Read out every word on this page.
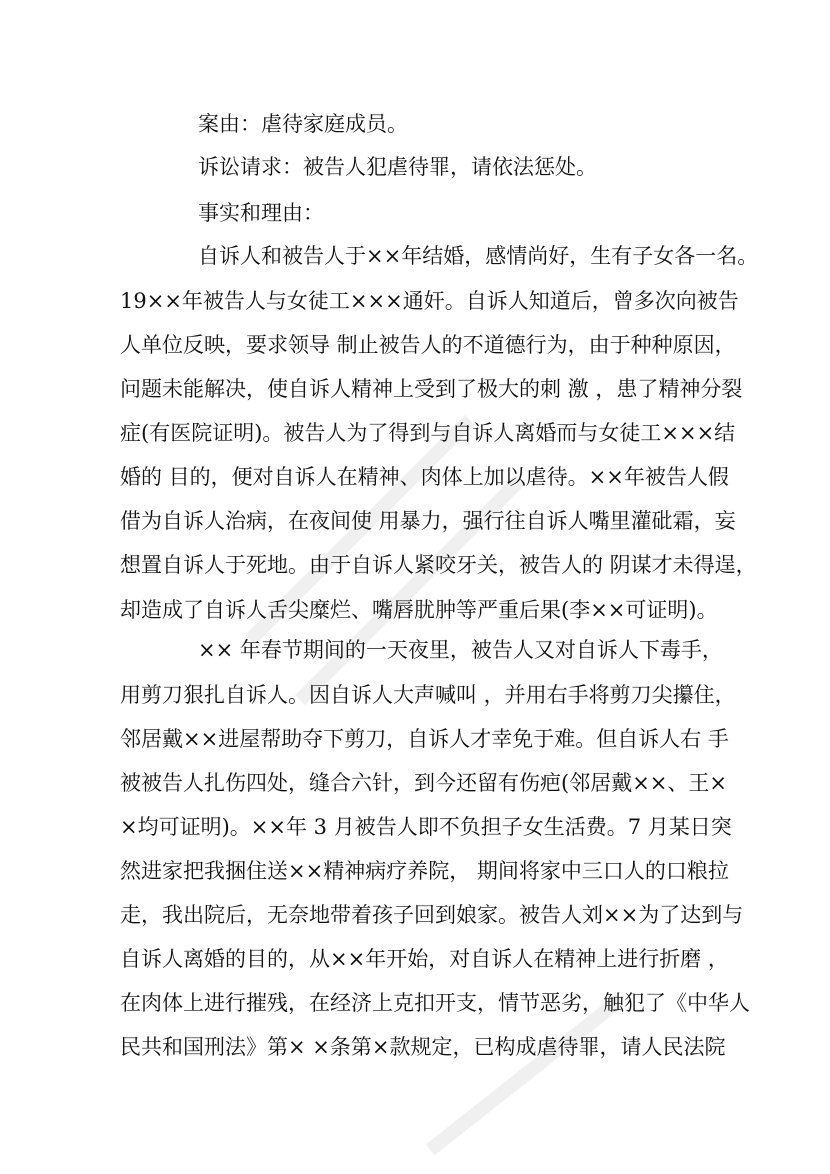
案由：虐待家庭成员。
诉讼请求：被告人犯虐待罪，请依法惩处。
事实和理由：
自诉人和被告人于××年结婚，感情尚好，生有子女各一名。
19××年被告人与女徒工×××通奸。自诉人知道后，曾多次向被告
人单位反映，要求领导 制止被告人的不道德行为，由于种种原因，
问题未能解决，使自诉人精神上受到了极大的刺 激 ，患了精神分裂
症(有医院证明)。被告人为了得到与自诉人离婚而与女徒工×××结
婚的 目的，便对自诉人在精神、肉体上加以虐待。××年被告人假
借为自诉人治病，在夜间使 用暴力，强行往自诉人嘴里灌砒霜，妄
想置自诉人于死地。由于自诉人紧咬牙关，被告人的 阴谋才未得逞，
却造成了自诉人舌尖糜烂、嘴唇肬肿等严重后果(李××可证明)。
×× 年春节期间的一天夜里，被告人又对自诉人下毒手，
用剪刀狠扎自诉人。因自诉人大声喊叫 ，并用右手将剪刀尖攥住，
邻居戴××进屋帮助夺下剪刀，自诉人才幸免于难。但自诉人右 手
被被告人扎伤四处，缝合六针，到今还留有伤疤(邻居戴××、王×
×均可证明)。××年 3 月被告人即不负担子女生活费。7 月某日突
然进家把我捆住送××精神病疗养院， 期间将家中三口人的口粮拉
走，我出院后，无奈地带着孩子回到娘家。被告人刘××为了达到与
自诉人离婚的目的，从××年开始，对自诉人在精神上进行折磨 ，
在肉体上进行摧残，在经济上克扣开支，情节恶劣，触犯了《中华人
民共和国刑法》第× ×条第×款规定，已构成虐待罪，请人民法院
